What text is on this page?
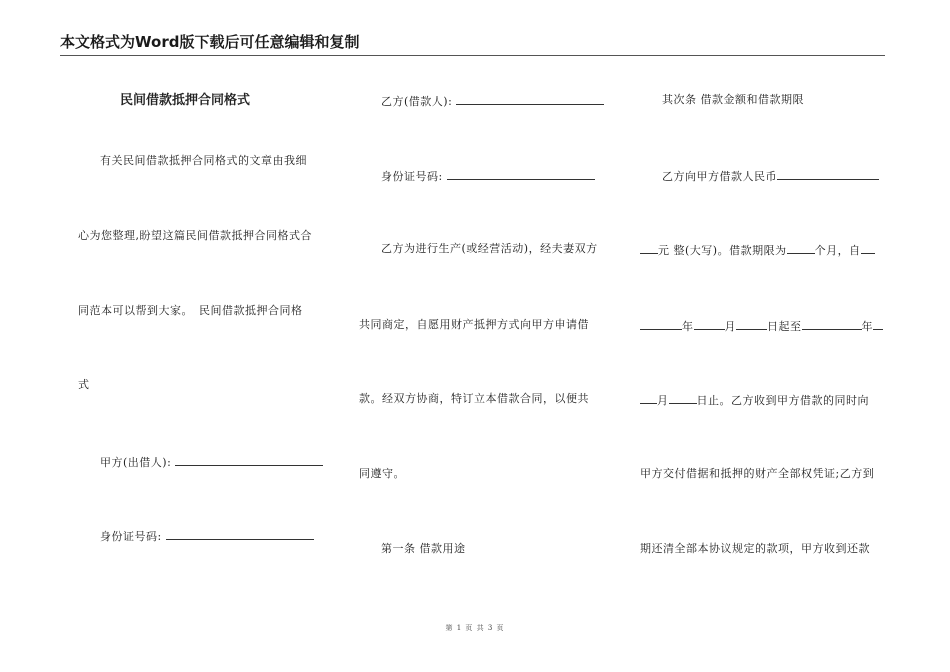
本文格式为Word版下载后可任意编辑和复制
民间借款抵押合同格式
有关民间借款抵押合同格式的文章由我细
心为您整理,盼望这篇民间借款抵押合同格式合
同范本可以帮到大家。　民间借款抵押合同格
式
甲方(出借人):
身份证号码:
乙方(借款人):
身份证号码:
乙方为进行生产(或经营活动)，经夫妻双方
共同商定，自愿用财产抵押方式向甲方申请借
款。经双方协商，特订立本借款合同，以便共
同遵守。
第一条 借款用途
其次条 借款金额和借款期限
乙方向甲方借款人民币
元 整(大写)。借款期限为	个月，自
年	月	日起至	年
月	日止。乙方收到甲方借款的同时向
甲方交付借据和抵押的财产全部权凭证;乙方到
期还清全部本协议规定的款项，甲方收到还款
第 1 页 共 3 页
